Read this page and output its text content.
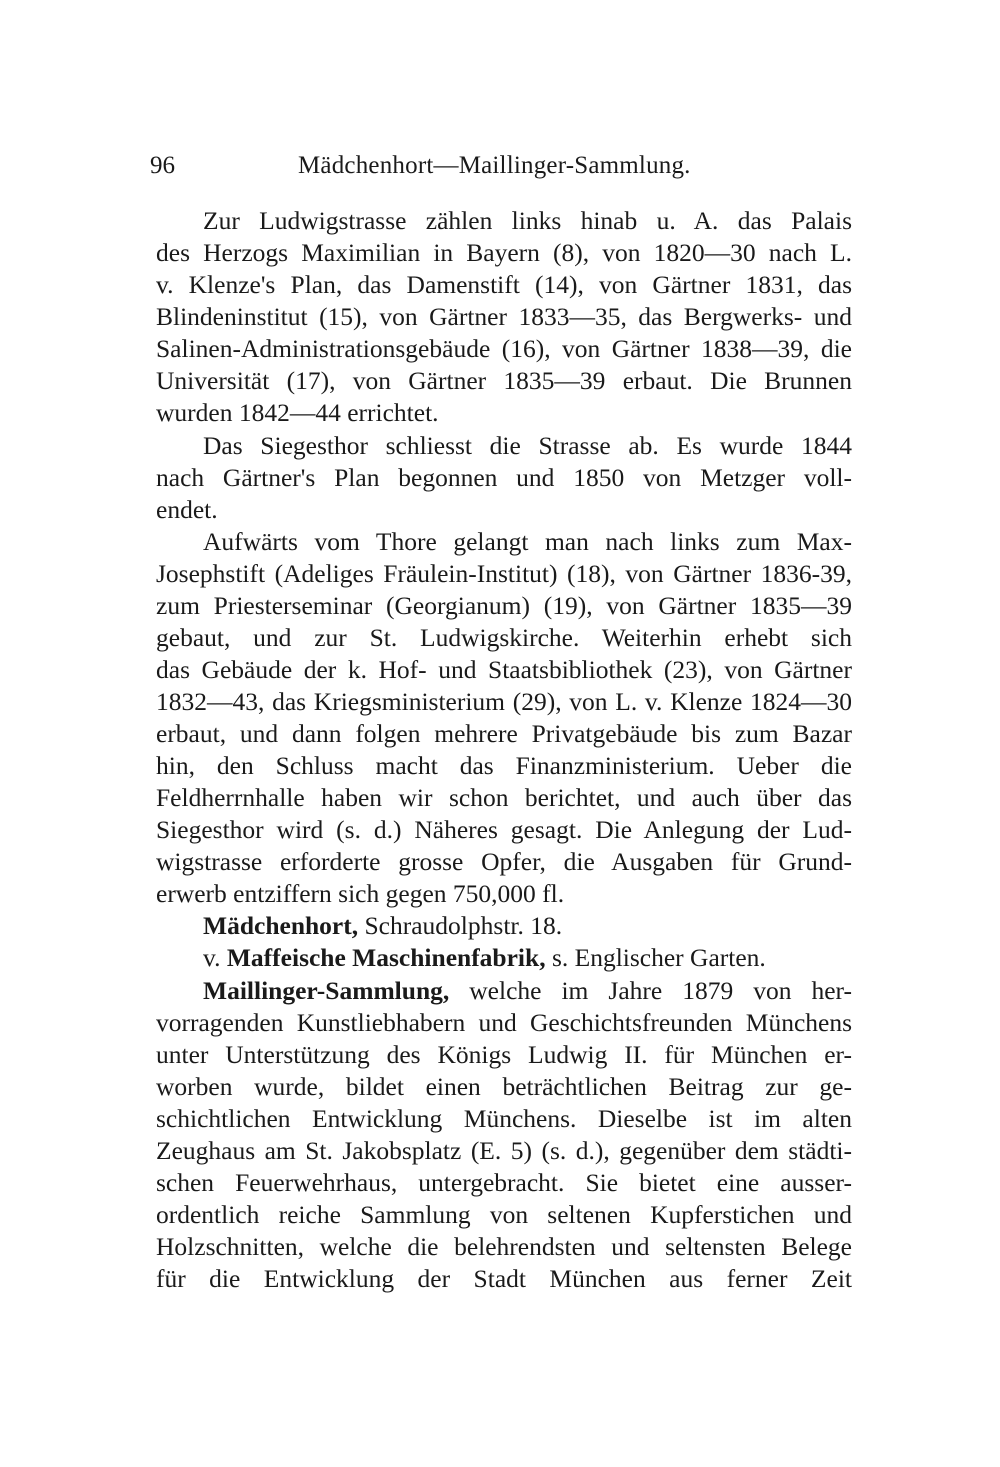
96	Mädchenhort—Maillinger-Sammlung.
Zur Ludwigstrasse zählen links hinab u. A. das Palais
des Herzogs Maximilian in Bayern (8), von 1820—30 nach L.
v. Klenze's Plan, das Damenstift (14), von Gärtner 1831, das
Blindeninstitut (15), von Gärtner 1833—35, das Bergwerks- und
Salinen-Administrationsgebäude (16), von Gärtner 1838—39, die
Universität (17), von Gärtner 1835—39 erbaut. Die Brunnen
wurden 1842—44 errichtet.
Das Siegesthor schliesst die Strasse ab. Es wurde 1844
nach Gärtner's Plan begonnen und 1850 von Metzger voll-
endet.
Aufwärts vom Thore gelangt man nach links zum Max-
Josephstift (Adeliges Fräulein-Institut) (18), von Gärtner 1836-39,
zum Priesterseminar (Georgianum) (19), von Gärtner 1835—39
gebaut, und zur St. Ludwigskirche. Weiterhin erhebt sich
das Gebäude der k. Hof- und Staatsbibliothek (23), von Gärtner
1832—43, das Kriegsministerium (29), von L. v. Klenze 1824—30
erbaut, und dann folgen mehrere Privatgebäude bis zum Bazar
hin, den Schluss macht das Finanzministerium. Ueber die
Feldherrnhalle haben wir schon berichtet, und auch über das
Siegesthor wird (s. d.) Näheres gesagt. Die Anlegung der Lud-
wigstrasse erforderte grosse Opfer, die Ausgaben für Grund-
erwerb entziffern sich gegen 750,000 fl.
Mädchenhort, Schraudolphstr. 18.
v. Maffeische Maschinenfabrik, s. Englischer Garten.
Maillinger-Sammlung, welche im Jahre 1879 von her-
vorragenden Kunstliebhabern und Geschichtsfreunden Münchens
unter Unterstützung des Königs Ludwig II. für München er-
worben wurde, bildet einen beträchtlichen Beitrag zur ge-
schichtlichen Entwicklung Münchens. Dieselbe ist im alten
Zeughaus am St. Jakobsplatz (E. 5) (s. d.), gegenüber dem städti-
schen Feuerwehrhaus, untergebracht. Sie bietet eine ausser-
ordentlich reiche Sammlung von seltenen Kupferstichen und
Holzschnitten, welche die belehrendsten und seltensten Belege
für die Entwicklung der Stadt München aus ferner Zeit
